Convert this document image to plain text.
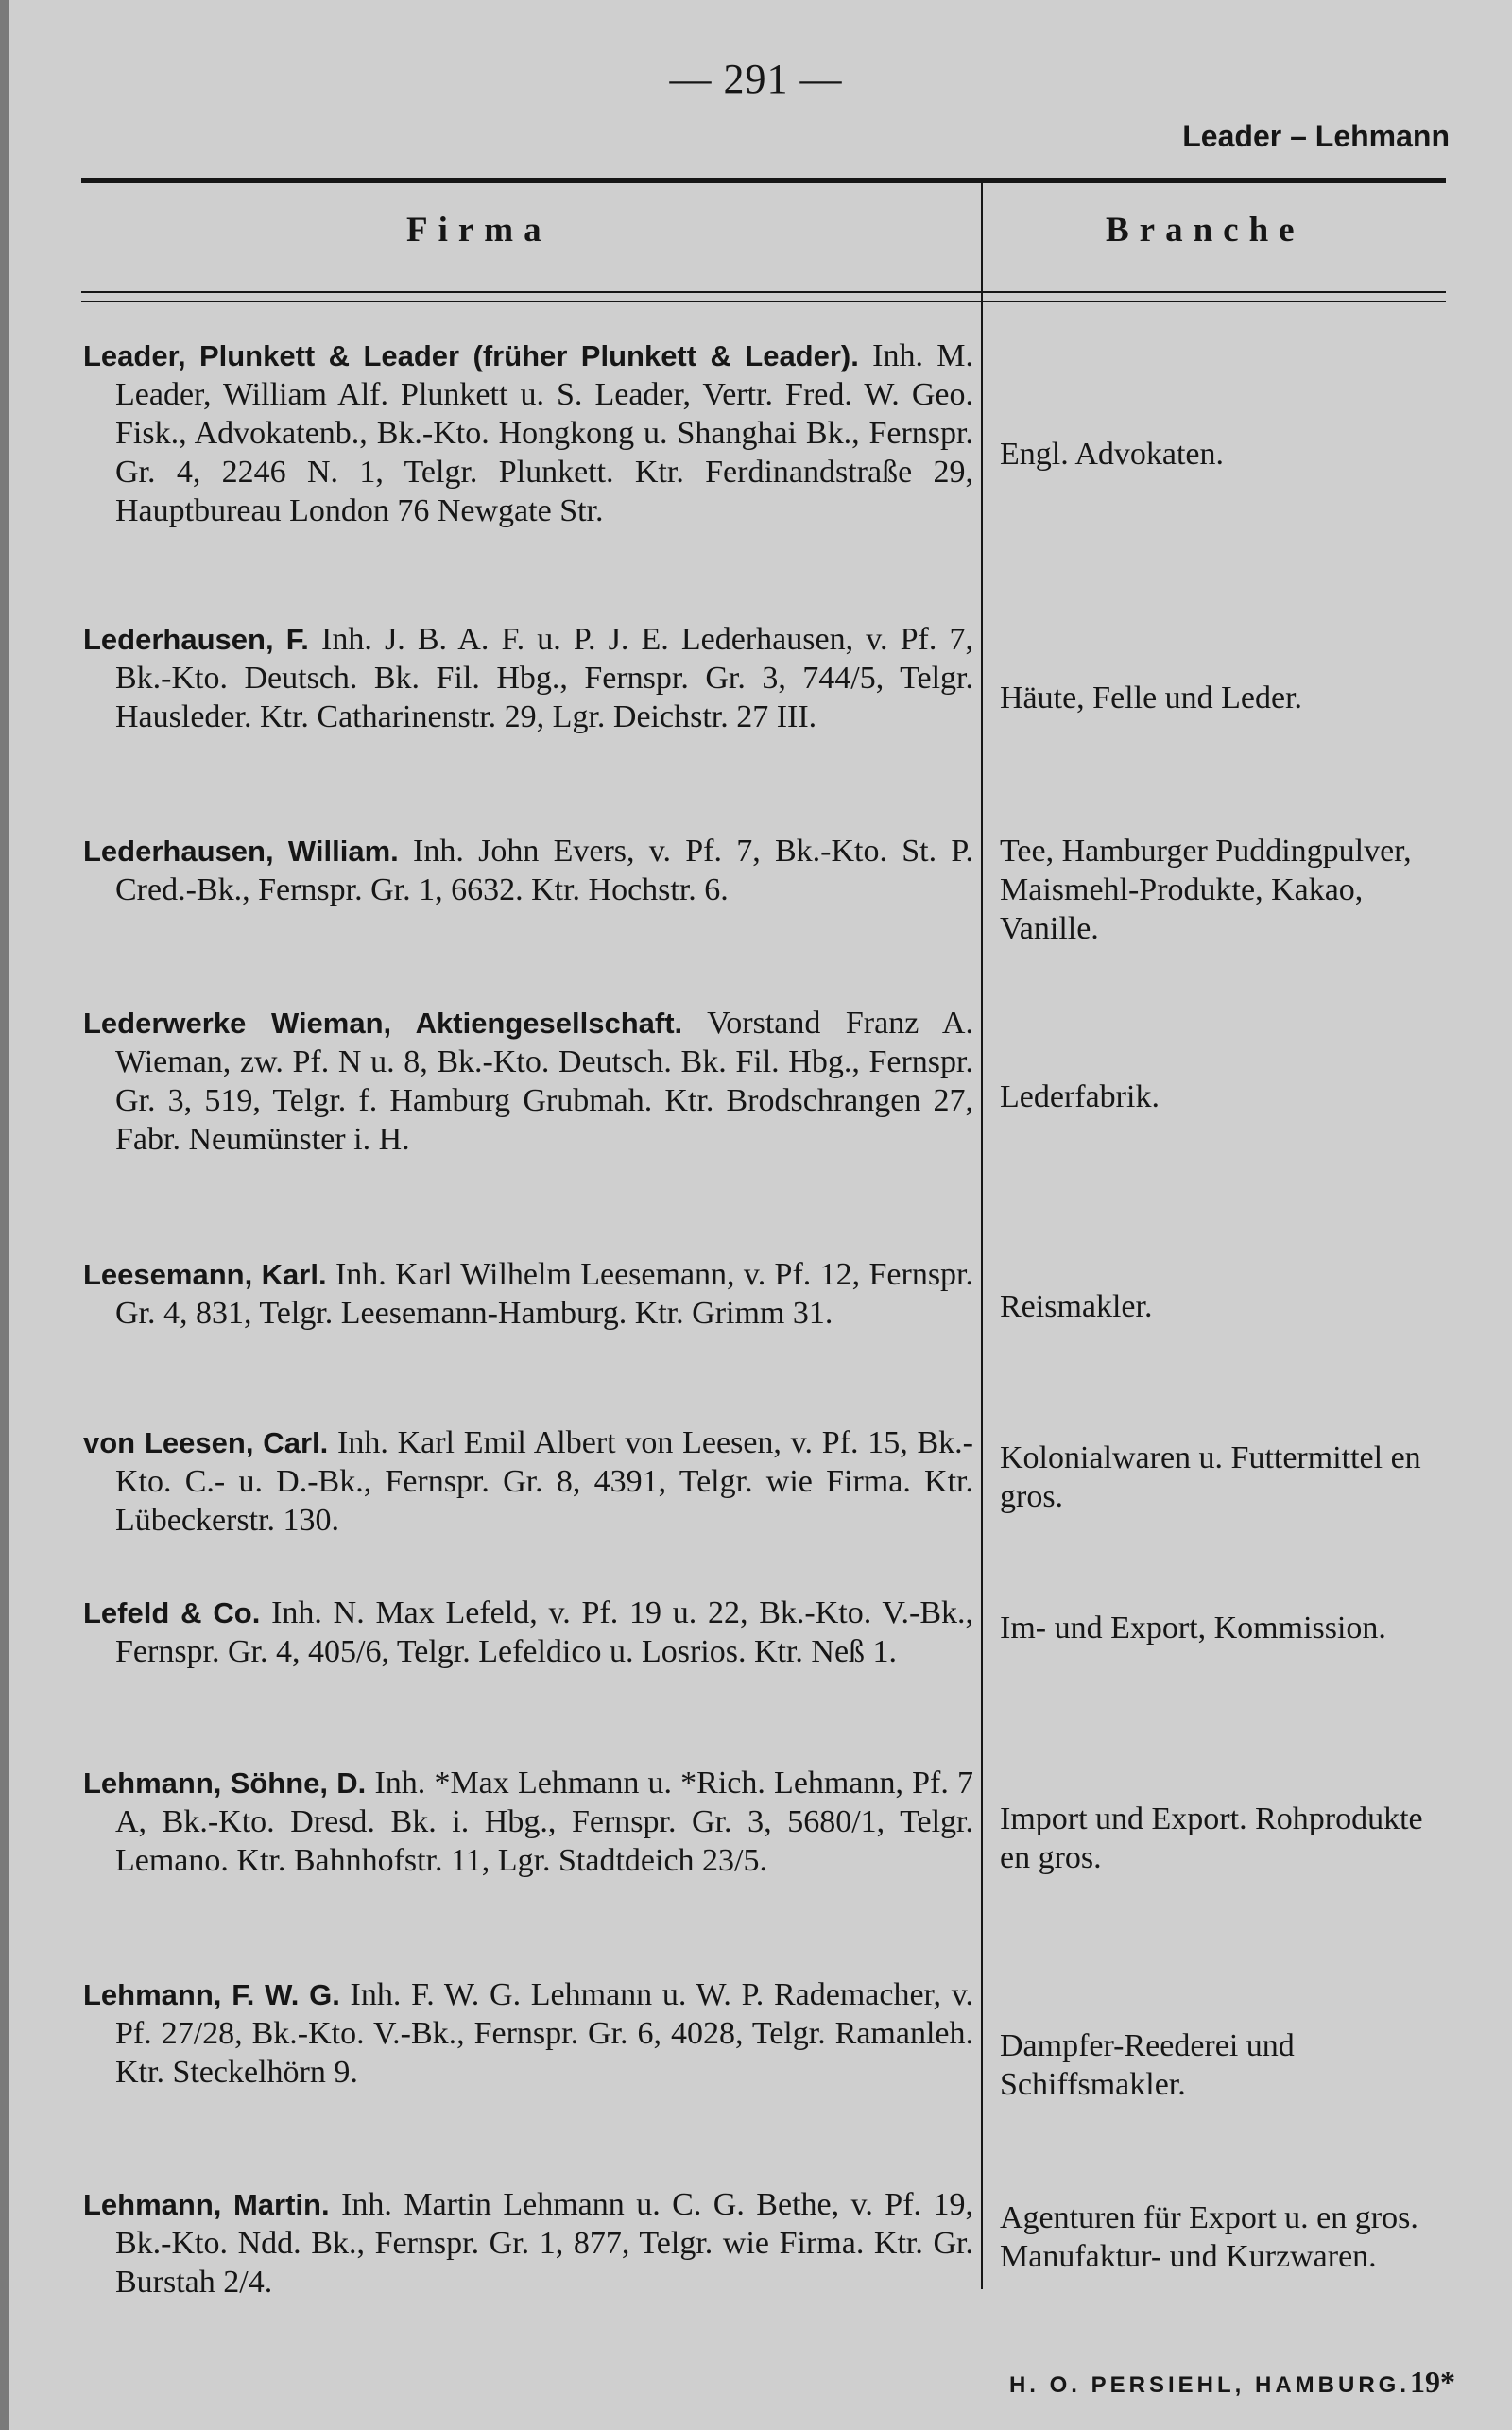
— 291 —
Leader – Lehmann
Firma	Branche
Leader, Plunkett & Leader (früher Plunkett & Leader). Inh. M. Leader, William Alf. Plunkett u. S. Leader, Vertr. Fred. W. Geo. Fisk., Advokatenb., Bk.-Kto. Hongkong u. Shanghai Bk., Fernspr. Gr. 4, 2246 N. 1, Telgr. Plunkett. Ktr. Ferdinandstraße 29, Hauptbureau London 76 Newgate Str.
Engl. Advokaten.
Lederhausen, F. Inh. J. B. A. F. u. P. J. E. Lederhausen, v. Pf. 7, Bk.-Kto. Deutsch. Bk. Fil. Hbg., Fernspr. Gr. 3, 744/5, Telgr. Hausleder. Ktr. Catharinenstr. 29, Lgr. Deichstr. 27 III.
Häute, Felle und Leder.
Lederhausen, William. Inh. John Evers, v. Pf. 7, Bk.-Kto. St. P. Cred.-Bk., Fernspr. Gr. 1, 6632. Ktr. Hochstr. 6.
Tee, Hamburger Puddingpulver, Maismehl-Produkte, Kakao, Vanille.
Lederwerke Wieman, Aktiengesellschaft. Vorstand Franz A. Wieman, zw. Pf. N u. 8, Bk.-Kto. Deutsch. Bk. Fil. Hbg., Fernspr. Gr. 3, 519, Telgr. f. Hamburg Grubmah. Ktr. Brodschrangen 27, Fabr. Neumünster i. H.
Lederfabrik.
Leesemann, Karl. Inh. Karl Wilhelm Leesemann, v. Pf. 12, Fernspr. Gr. 4, 831, Telgr. Leesemann-Hamburg. Ktr. Grimm 31.	Reismakler.
von Leesen, Carl. Inh. Karl Emil Albert von Leesen, v. Pf. 15, Bk.-Kto. C.- u. D.-Bk., Fernspr. Gr. 8, 4391, Telgr. wie Firma. Ktr. Lübeckerstr. 130.
Kolonialwaren u. Futtermittel en gros.
Lefeld & Co. Inh. N. Max Lefeld, v. Pf. 19 u. 22, Bk.-Kto. V.-Bk., Fernspr. Gr. 4, 405/6, Telgr. Lefeldico u. Losrios. Ktr. Neß 1.
Im- und Export, Kommission.
Lehmann, Söhne, D. Inh. *Max Lehmann u. *Rich. Lehmann, Pf. 7 A, Bk.-Kto. Dresd. Bk. i. Hbg., Fernspr. Gr. 3, 5680/1, Telgr. Lemano. Ktr. Bahnhofstr. 11, Lgr. Stadtdeich 23/5.
Import und Export. Rohprodukte en gros.
Lehmann, F. W. G. Inh. F. W. G. Lehmann u. W. P. Rademacher, v. Pf. 27/28, Bk.-Kto. V.-Bk., Fernspr. Gr. 6, 4028, Telgr. Ramanleh. Ktr. Steckelhörn 9.
Dampfer-Reederei und Schiffsmakler.
Lehmann, Martin. Inh. Martin Lehmann u. C. G. Bethe, v. Pf. 19, Bk.-Kto. Ndd. Bk., Fernspr. Gr. 1, 877, Telgr. wie Firma. Ktr. Gr. Burstah 2/4.
Agenturen für Export u. en gros. Manufaktur- und Kurzwaren.
H. O. PERSIEHL, HAMBURG.19*
